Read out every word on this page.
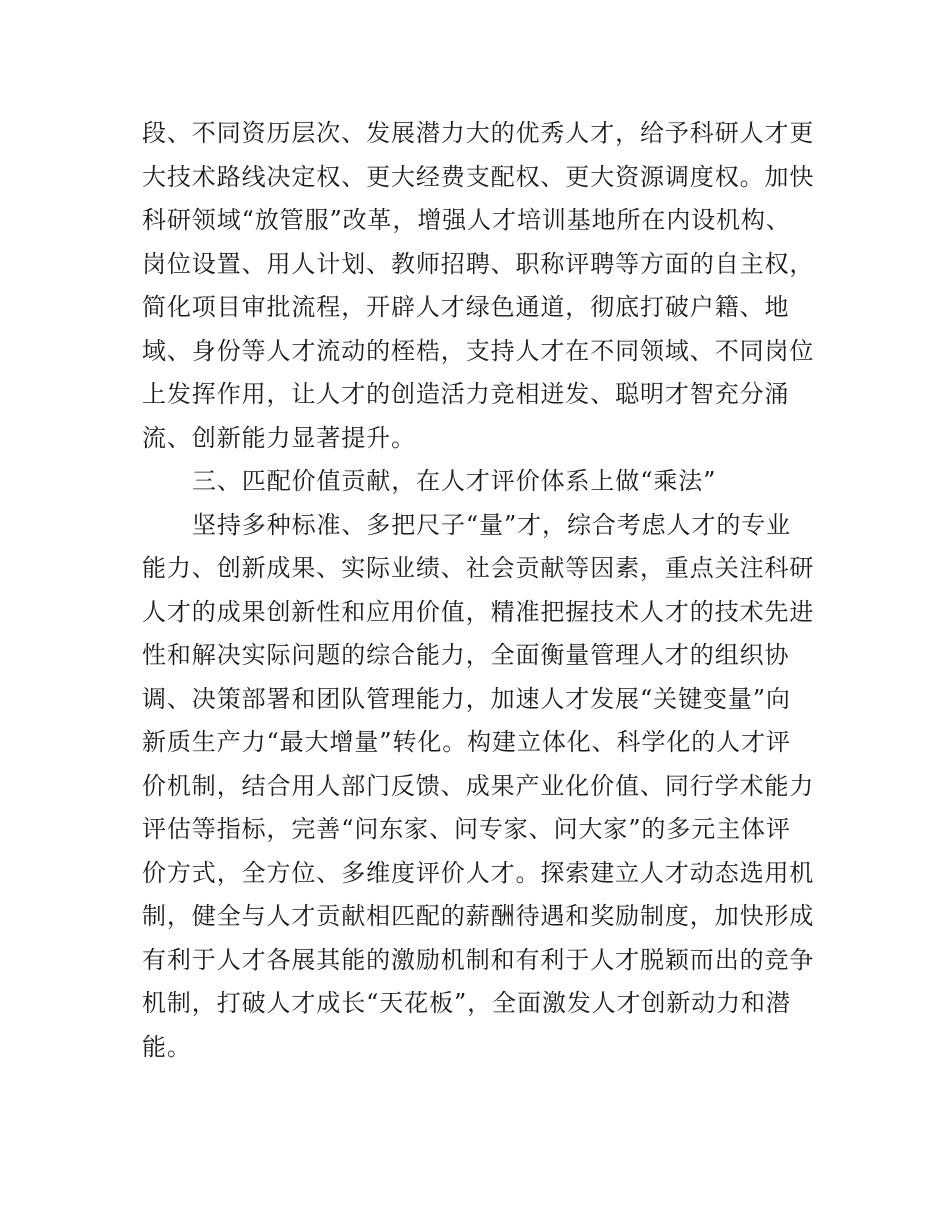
段、不同资历层次、发展潜力大的优秀人才，给予科研人才更
大技术路线决定权、更大经费支配权、更大资源调度权。加快
科研领域“放管服”改革，增强人才培训基地所在内设机构、
岗位设置、用人计划、教师招聘、职称评聘等方面的自主权，
简化项目审批流程，开辟人才绿色通道，彻底打破户籍、地
域、身份等人才流动的桎梏，支持人才在不同领域、不同岗位
上发挥作用，让人才的创造活力竞相迸发、聪明才智充分涌
流、创新能力显著提升。
三、匹配价值贡献，在人才评价体系上做“乘法”
坚持多种标准、多把尺子“量”才，综合考虑人才的专业
能力、创新成果、实际业绩、社会贡献等因素，重点关注科研
人才的成果创新性和应用价值，精准把握技术人才的技术先进
性和解决实际问题的综合能力，全面衡量管理人才的组织协
调、决策部署和团队管理能力，加速人才发展“关键变量”向
新质生产力“最大增量”转化。构建立体化、科学化的人才评
价机制，结合用人部门反馈、成果产业化价值、同行学术能力
评估等指标，完善“问东家、问专家、问大家”的多元主体评
价方式，全方位、多维度评价人才。探索建立人才动态选用机
制，健全与人才贡献相匹配的薪酬待遇和奖励制度，加快形成
有利于人才各展其能的激励机制和有利于人才脱颖而出的竞争
机制，打破人才成长“天花板”，全面激发人才创新动力和潜
能。
